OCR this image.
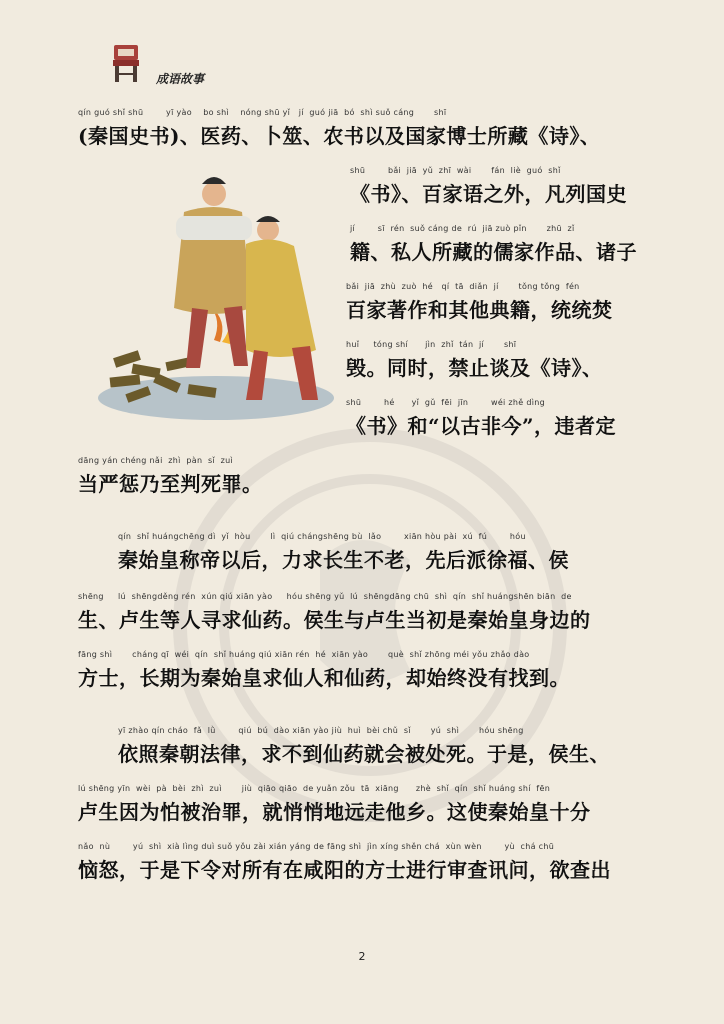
成语故事
qín guó shǐ shū        yī yào    bo shì    nóng shū yǐ   jí  guó jiā  bó  shì suǒ cáng       shī
(秦国史书)、医药、卜筮、农书以及国家博士所藏《诗》、
shū        bǎi  jiā  yǔ  zhī  wài       fán  liè  guó  shǐ
《书》、百家语之外，凡列国史
jí        sī  rén  suǒ cáng de  rú  jiā zuò pǐn       zhū  zǐ
籍、私人所藏的儒家作品、诸子
bǎi  jiā  zhù  zuò  hé   qí  tā  diǎn  jí       tǒng tǒng  fén
百家著作和其他典籍，统统焚
huǐ     tóng shí      jìn  zhǐ  tán  jí       shī
毁。同时，禁止谈及《诗》、
shū        hé      yǐ  gǔ  fēi  jīn        wéi zhě dìng
《书》和“以古非今”，违者定
dāng yán chéng nǎi  zhì  pàn  sǐ  zuì
当严惩乃至判死罪。
qín  shǐ huángchēng dì  yǐ  hòu       lì  qiú chángshēng bù  lǎo        xiān hòu pài  xú  fú        hóu
秦始皇称帝以后，力求长生不老，先后派徐福、侯
shēng     lú  shēngděng rén  xún qiú xiān yào     hóu shēng yǔ  lú  shēngdāng chū  shì  qín  shǐ huángshēn biān  de
生、卢生等人寻求仙药。侯生与卢生当初是秦始皇身边的
fāng shì       cháng qī  wéi  qín  shǐ huáng qiú xiān rén  hé  xiān yào       què  shǐ zhōng méi yǒu zhǎo dào
方士，长期为秦始皇求仙人和仙药，却始终没有找到。
yī zhào qín cháo  fǎ  lǜ        qiú  bú  dào xiān yào jiù  huì  bèi chǔ  sǐ       yú  shì       hóu shēng
依照秦朝法律，求不到仙药就会被处死。于是，侯生、
lú shēng yīn  wèi  pà  bèi  zhì  zuì       jiù  qiāo qiāo  de yuǎn zǒu  tā  xiāng      zhè  shǐ  qín  shǐ huáng shí  fēn
卢生因为怕被治罪，就悄悄地远走他乡。这使秦始皇十分
nǎo  nù        yú  shì  xià lìng duì suǒ yǒu zài xián yáng de fāng shì  jìn xíng shěn chá  xùn wèn        yù  chá chū
恼怒，于是下令对所有在咸阳的方士进行审查讯问，欲查出
2
